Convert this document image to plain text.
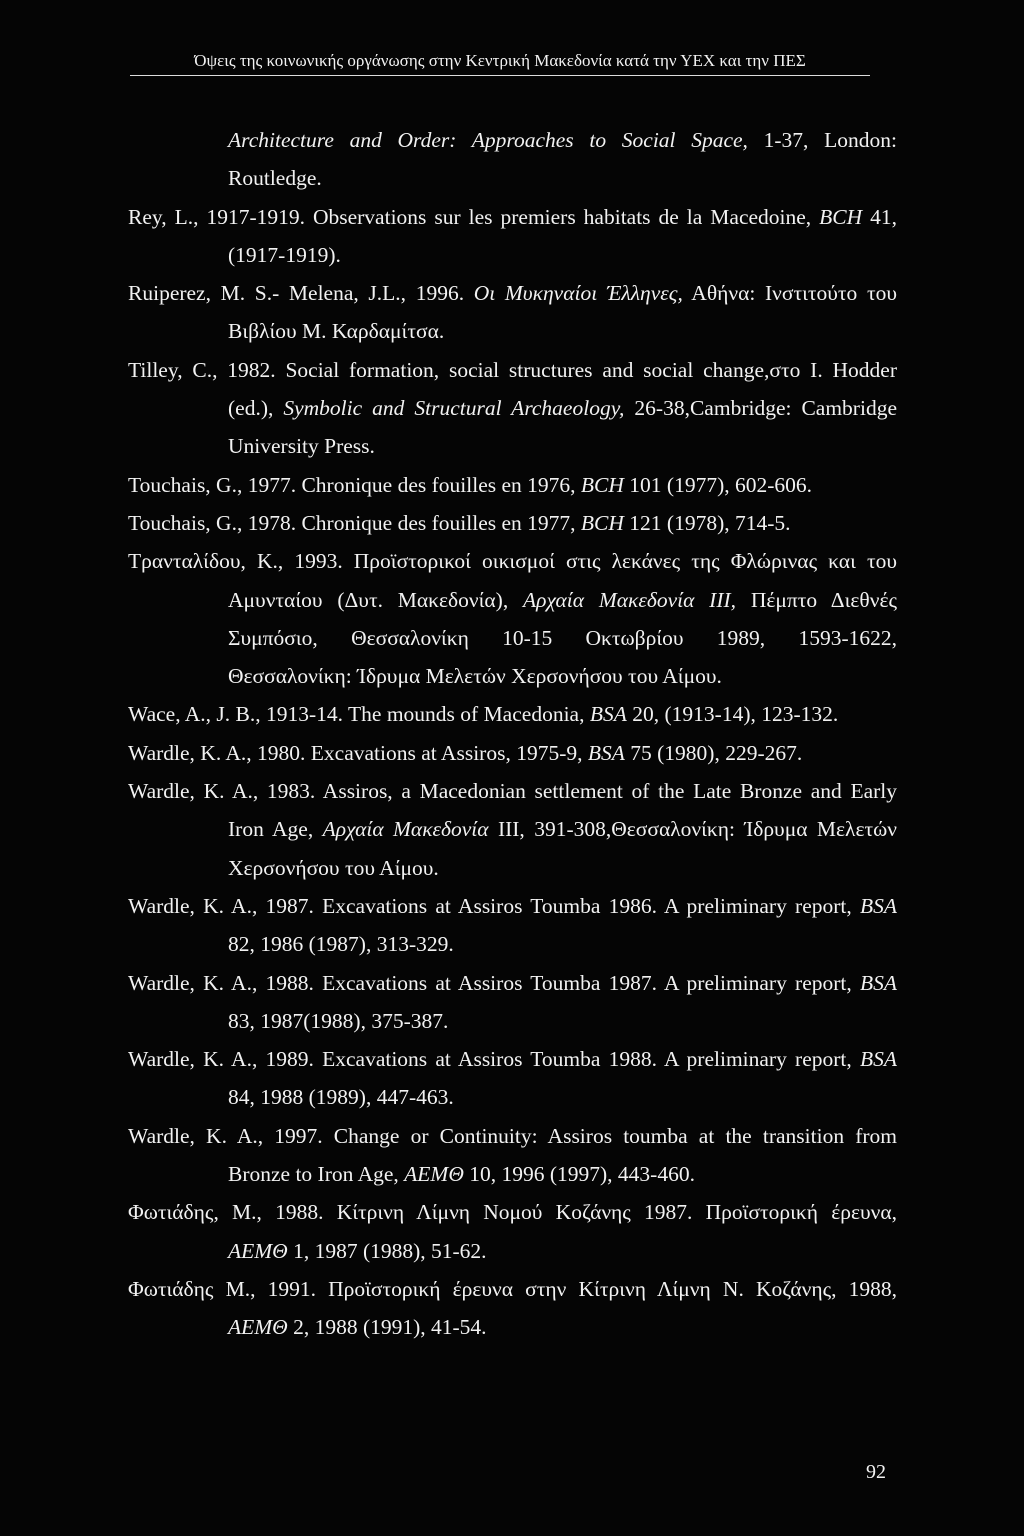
Όψεις της κοινωνικής οργάνωσης στην Κεντρική Μακεδονία κατά την ΥΕΧ και την ΠΕΣ
Architecture and Order: Approaches to Social Space, 1-37, London:
Routledge.
Rey, L., 1917-1919. Observations sur les premiers habitats de la Macedoine, BCH 41,
(1917-1919).
Ruiperez, M. S.- Melena, J.L., 1996. Οι Μυκηναίοι Έλληνες, Αθήνα: Ινστιτούτο του
Βιβλίου Μ. Καρδαμίτσα.
Tilley, C., 1982. Social formation, social structures and social change,στο I. Hodder
(ed.), Symbolic and Structural Archaeology, 26-38,Cambridge: Cambridge
University Press.
Touchais, G., 1977. Chronique des fouilles en 1976, BCH 101 (1977), 602-606.
Touchais, G., 1978. Chronique des fouilles en 1977, BCH 121 (1978), 714-5.
Τρανταλίδου, Κ., 1993. Προϊστορικοί οικισμοί στις λεκάνες της Φλώρινας και του
Αμυνταίου (Δυτ. Μακεδονία), Αρχαία Μακεδονία ΙΙΙ, Πέμπτο Διεθνές
Συμπόσιο, Θεσσαλονίκη 10-15 Οκτωβρίου 1989, 1593-1622,
Θεσσαλονίκη: Ίδρυμα Μελετών Χερσονήσου του Αίμου.
Wace, A., J. B., 1913-14. The mounds of Macedonia, BSA 20, (1913-14), 123-132.
Wardle, K. A., 1980. Excavations at Assiros, 1975-9, BSA 75 (1980), 229-267.
Wardle, K. A., 1983. Assiros, a Macedonian settlement of the Late Bronze and Early
Iron Age, Αρχαία Μακεδονία ΙΙΙ, 391-308,Θεσσαλονίκη: Ίδρυμα Μελετών
Χερσονήσου του Αίμου.
Wardle, K. A., 1987. Excavations at Assiros Toumba 1986. A preliminary report, BSA
82, 1986 (1987), 313-329.
Wardle, K. A., 1988. Excavations at Assiros Toumba 1987. A preliminary report, BSA
83, 1987(1988), 375-387.
Wardle, K. A., 1989. Excavations at Assiros Toumba 1988. A preliminary report, BSA
84, 1988 (1989), 447-463.
Wardle, K. A., 1997. Change or Continuity: Assiros toumba at the transition from
Bronze to Iron Age, ΑΕΜΘ 10, 1996 (1997), 443-460.
Φωτιάδης, Μ., 1988. Κίτρινη Λίμνη Νομού Κοζάνης 1987. Προϊστορική έρευνα,
ΑΕΜΘ 1, 1987 (1988), 51-62.
Φωτιάδης Μ., 1991. Προϊστορική έρευνα στην Κίτρινη Λίμνη Ν. Κοζάνης, 1988,
ΑΕΜΘ 2, 1988 (1991), 41-54.
92
